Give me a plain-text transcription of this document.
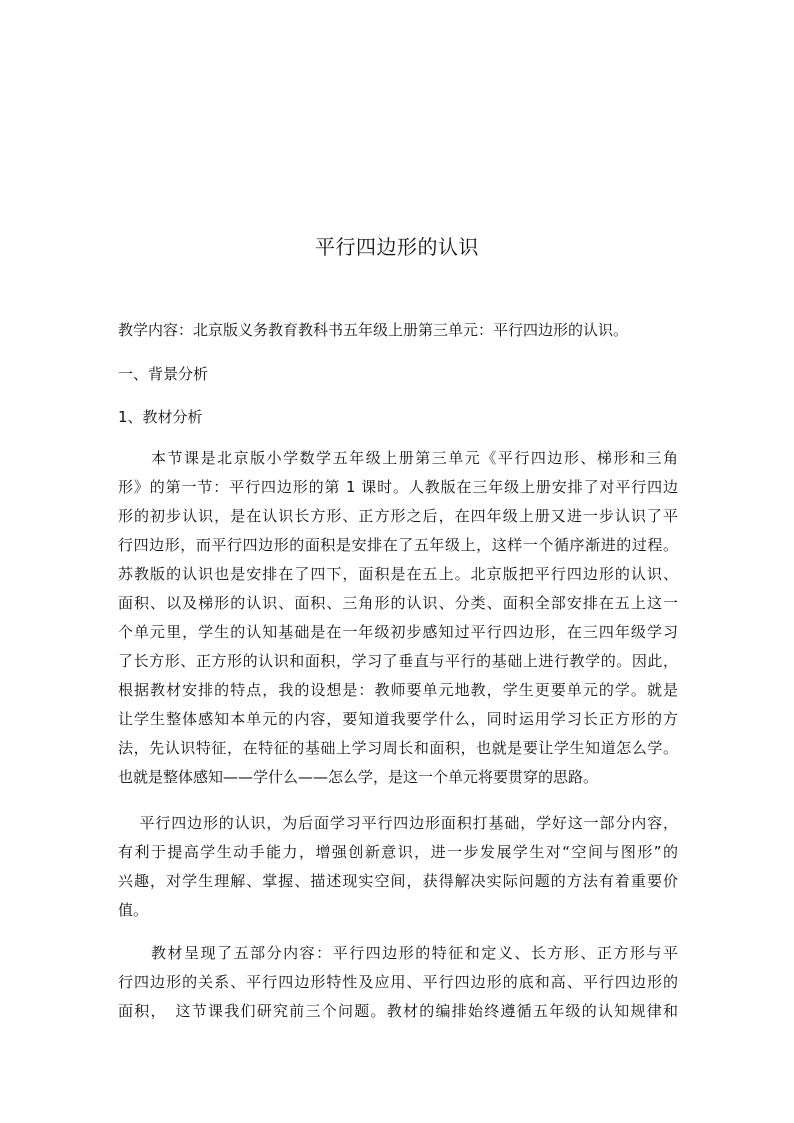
平行四边形的认识
教学内容：北京版义务教育教科书五年级上册第三单元：平行四边形的认识。
一、背景分析
1、教材分析
　　本节课是北京版小学数学五年级上册第三单元《平行四边形、梯形和三角
形》的第一节：平行四边形的第 1 课时。人教版在三年级上册安排了对平行四边
形的初步认识，是在认识长方形、正方形之后，在四年级上册又进一步认识了平
行四边形，而平行四边形的面积是安排在了五年级上，这样一个循序渐进的过程。
苏教版的认识也是安排在了四下，面积是在五上。北京版把平行四边形的认识、
面积、以及梯形的认识、面积、三角形的认识、分类、面积全部安排在五上这一
个单元里，学生的认知基础是在一年级初步感知过平行四边形，在三四年级学习
了长方形、正方形的认识和面积，学习了垂直与平行的基础上进行教学的。因此，
根据教材安排的特点，我的设想是：教师要单元地教，学生更要单元的学。就是
让学生整体感知本单元的内容，要知道我要学什么，同时运用学习长正方形的方
法，先认识特征，在特征的基础上学习周长和面积，也就是要让学生知道怎么学。
也就是整体感知——学什么——怎么学，是这一个单元将要贯穿的思路。
　 平行四边形的认识，为后面学习平行四边形面积打基础，学好这一部分内容，
有利于提高学生动手能力，增强创新意识，进一步发展学生对“空间与图形”的
兴趣，对学生理解、掌握、描述现实空间，获得解决实际问题的方法有着重要价
值。
　　教材呈现了五部分内容：平行四边形的特征和定义、长方形、正方形与平
行四边形的关系、平行四边形特性及应用、平行四边形的底和高、平行四边形的
面积，　这节课我们研究前三个问题。教材的编排始终遵循五年级的认知规律和
